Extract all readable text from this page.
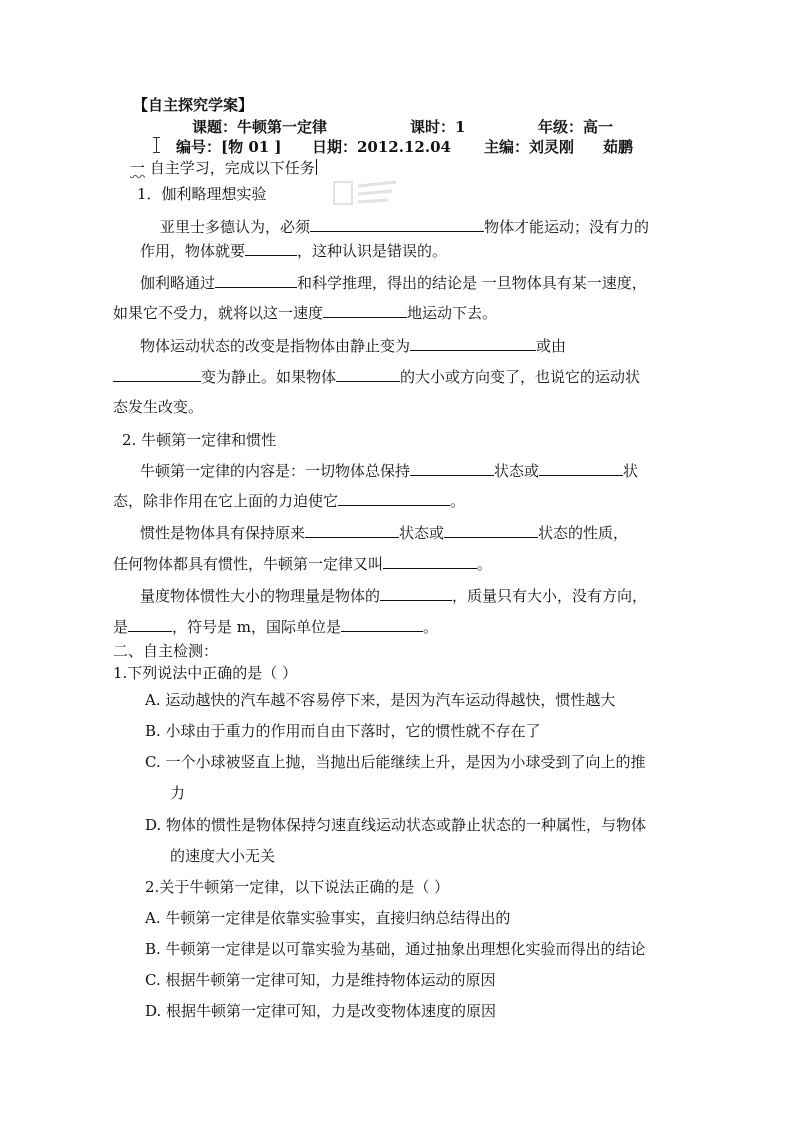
【自主探究学案】
课题：牛顿第一定律	课时：1	年级：高一
编号：[物 01 ] 日期：2012.12.04 主编：刘灵刚 茹鹏
一 自主学习，完成以下任务
1．伽利略理想实验
亚里士多德认为，必须	物体才能运动；没有力的
作用，物体就要	，这种认识是错误的。
伽利略通过	和科学推理，得出的结论是 一旦物体具有某一速度，
如果它不受力，就将以这一速度	地运动下去。
物体运动状态的改变是指物体由静止变为	或由
变为静止。如果物体	的大小或方向变了，也说它的运动状
态发生改变。
2. 牛顿第一定律和惯性
牛顿第一定律的内容是：一切物体总保持	状态或	状
态，除非作用在它上面的力迫使它	。
惯性是物体具有保持原来	状态或	状态的性质，
任何物体都具有惯性，牛顿第一定律又叫	。
量度物体惯性大小的物理量是物体的	，质量只有大小，没有方向，
是	，符号是 m，国际单位是	。
二、自主检测：
1.下列说法中正确的是（ ）
A. 运动越快的汽车越不容易停下来，是因为汽车运动得越快，惯性越大
B. 小球由于重力的作用而自由下落时，它的惯性就不存在了
C. 一个小球被竖直上抛，当抛出后能继续上升，是因为小球受到了向上的推
力
D. 物体的惯性是物体保持匀速直线运动状态或静止状态的一种属性，与物体
的速度大小无关
2.关于牛顿第一定律，以下说法正确的是（ ）
A. 牛顿第一定律是依靠实验事实，直接归纳总结得出的
B. 牛顿第一定律是以可靠实验为基础，通过抽象出理想化实验而得出的结论
C. 根据牛顿第一定律可知，力是维持物体运动的原因
D. 根据牛顿第一定律可知，力是改变物体速度的原因
